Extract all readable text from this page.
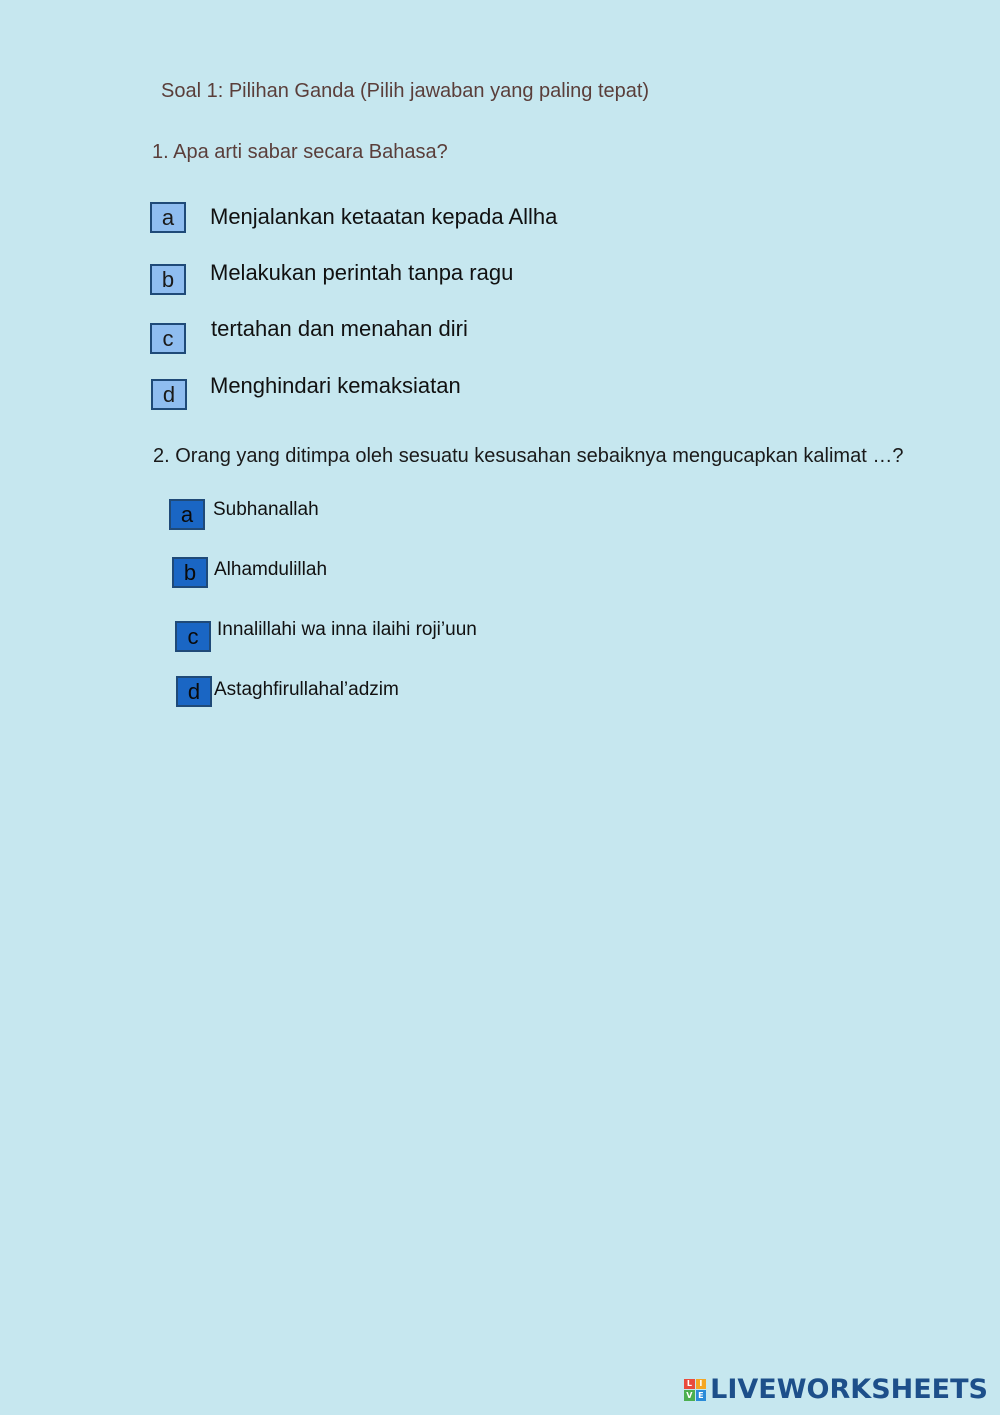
Soal 1: Pilihan Ganda (Pilih jawaban yang paling tepat)
1. Apa arti sabar secara Bahasa?
a	Menjalankan ketaatan kepada Allha
b	Melakukan perintah tanpa ragu
c	tertahan dan menahan diri
d	Menghindari kemaksiatan
2. Orang yang ditimpa oleh sesuatu kesusahan sebaiknya mengucapkan kalimat …?
a	Subhanallah
b Alhamdulillah
c Innalillahi wa inna ilaihi roji’uun
d Astaghfirullahal’adzim
L I
V E LIVEWORKSHEETS
